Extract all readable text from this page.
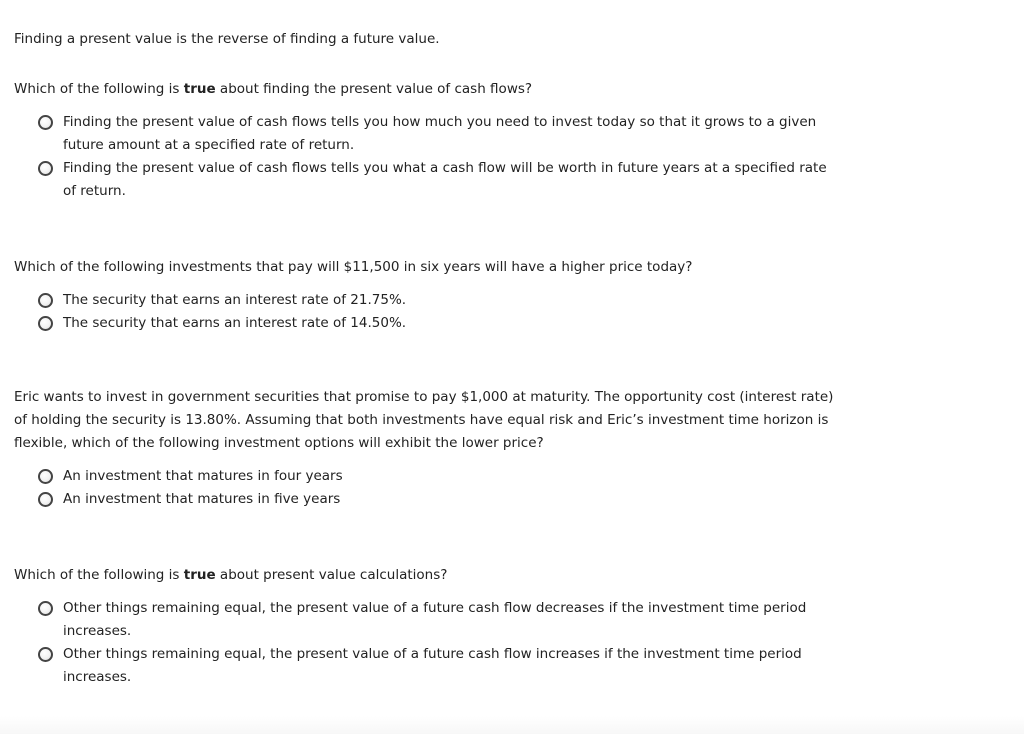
Finding a present value is the reverse of finding a future value.
Which of the following is true about finding the present value of cash flows?
Finding the present value of cash flows tells you how much you need to invest today so that it grows to a given future amount at a specified rate of return.
Finding the present value of cash flows tells you what a cash flow will be worth in future years at a specified rate of return.
Which of the following investments that pay will $11,500 in six years will have a higher price today?
The security that earns an interest rate of 21.75%.
The security that earns an interest rate of 14.50%.
Eric wants to invest in government securities that promise to pay $1,000 at maturity. The opportunity cost (interest rate) of holding the security is 13.80%. Assuming that both investments have equal risk and Eric’s investment time horizon is flexible, which of the following investment options will exhibit the lower price?
An investment that matures in four years
An investment that matures in five years
Which of the following is true about present value calculations?
Other things remaining equal, the present value of a future cash flow decreases if the investment time period increases.
Other things remaining equal, the present value of a future cash flow increases if the investment time period increases.
